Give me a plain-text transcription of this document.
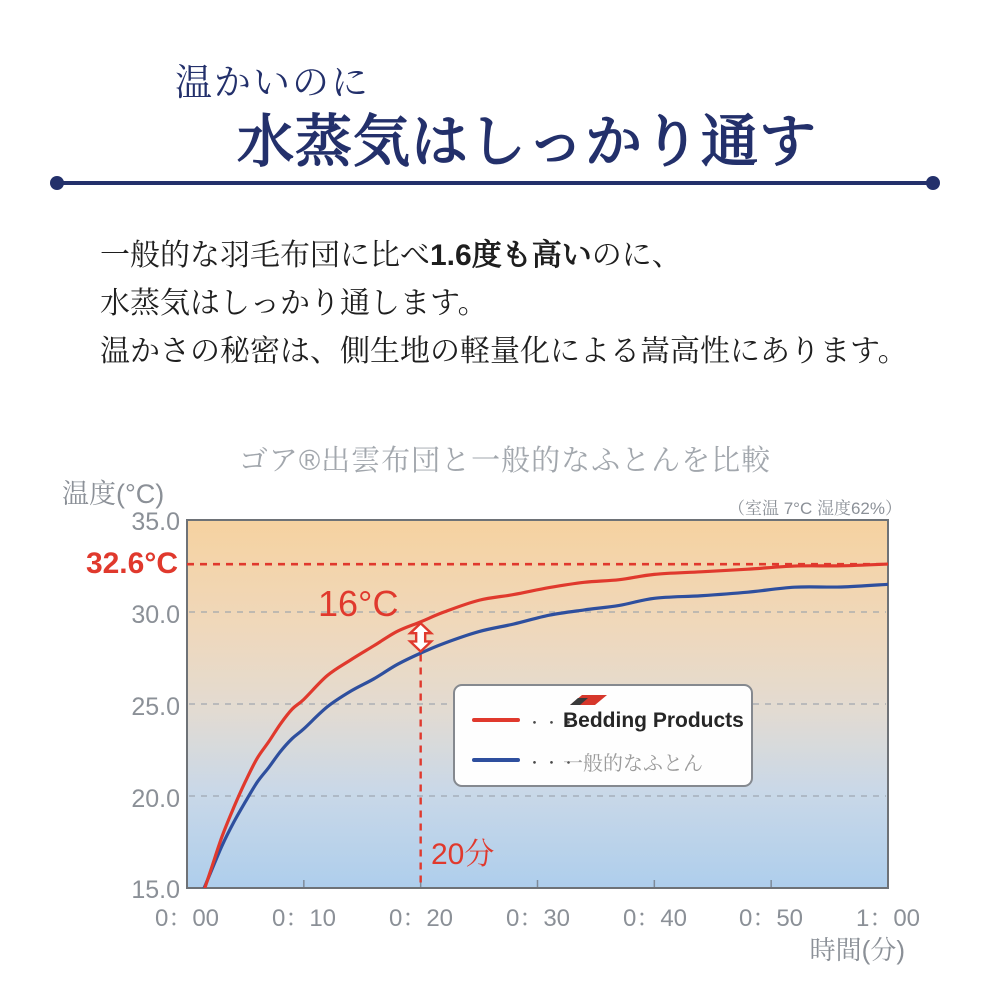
温かいのに
水蒸気はしっかり通す
一般的な羽毛布団に比べ1.6度も高いのに、
水蒸気はしっかり通します。
温かさの秘密は、側生地の軽量化による嵩高性にあります。
ゴア®出雲布団と一般的なふとんを比較
温度(°C)	（室温 7°C 湿度62%）
35.0
30.0
25.0
20.0
15.0
32.6°C
0：00	0：10	0：20	0：30	0：40	0：50	1：00
時間(分)
16°C
20分
・・・
Bedding Products
・・・
一般的なふとん
